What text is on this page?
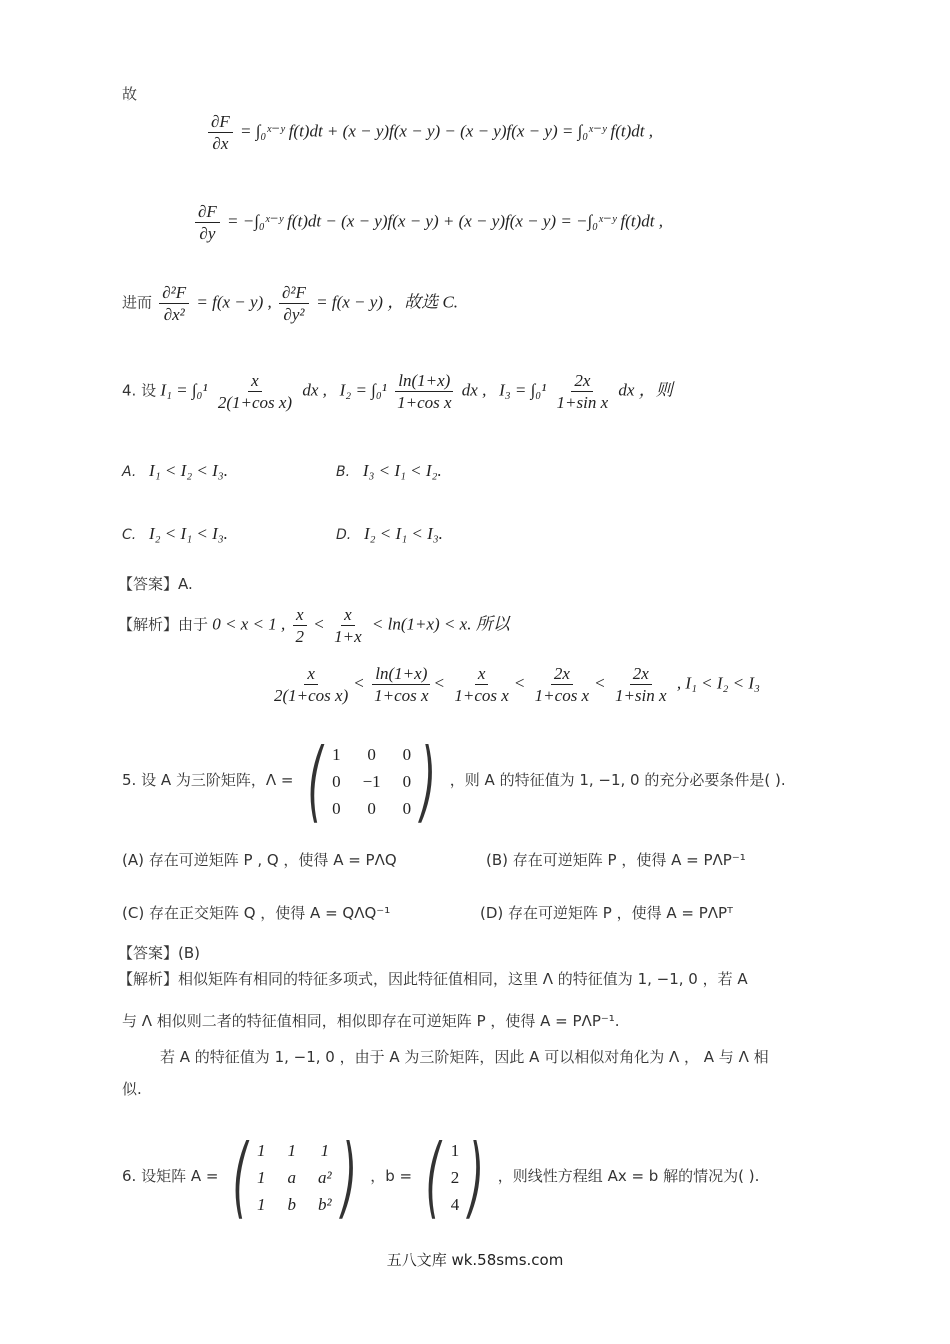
故
$\frac{\partial F}{\partial x}$ = ∫₀ˣ⁻ʸ f(t)dt + (x − y)f(x − y) − (x − y)f(x − y) = ∫₀ˣ⁻ʸ f(t)dt ,
$\frac{\partial F}{\partial y}$ = −∫₀ˣ⁻ʸ f(t)dt − (x − y)f(x − y) + (x − y)f(x − y) = −∫₀ˣ⁻ʸ f(t)dt ,
进而 $\frac{\text{∂²F}}{\text{∂x²}} = f(x - y)$ , $\frac{\text{∂²F}}{\text{∂y²}} = f(x - y)$ ，故选 C.
4. 设 $I_1 = \int_0^1 \frac{x}{\text{2(1+cos x)}}$ dx , $I_2 = \int_0^1 \frac{\ln(1+x)}{\text{1+cos x}}$ dx , $I_3 = \int_0^1 \frac{2x}{\text{1+sin x}}$ dx ，则
A. I₁ < I₂ < I₃.	B. I₃ < I₁ < I₂.
C. I₂ < I₁ < I₃.	D. I₂ < I₁ < I₃.
【答案】A.
【解析】由于 0 < x < 1 , $\frac{x}{2} < \frac{x}{1+x} < \ln(1+x) < x$. 所以
$\frac{x}{\text{2(1+cos x)}} < \frac{\ln(1+x)}{\text{1+cos x}} < \frac{x}{\text{1+cos x}} < \frac{2x}{\text{1+cos x}} < \frac{2x}{\text{1+sin x}}$ , I₁ < I₂ < I₃
5. 设 A 为三阶矩阵，Λ = ( 1 0 0
0 −1 0
0 0 0 ) ，则 A 的特征值为 1, −1, 0 的充分必要条件是( ).
(A) 存在可逆矩阵 P , Q ，使得 A = PΛQ	(B) 存在可逆矩阵 P ，使得 A = PΛP⁻¹
(C) 存在正交矩阵 Q ，使得 A = QΛQ⁻¹	(D) 存在可逆矩阵 P ，使得 A = PΛPᵀ
【答案】(B)
【解析】相似矩阵有相同的特征多项式，因此特征值相同，这里 Λ 的特征值为 1, −1, 0 ，若 A
与 Λ 相似则二者的特征值相同，相似即存在可逆矩阵 P ，使得 A = PΛP⁻¹.
若 A 的特征值为 1, −1, 0 ，由于 A 为三阶矩阵，因此 A 可以相似对角化为 Λ ， A 与 Λ 相
似.
6. 设矩阵 A = ( 1 1 1
1 a a²
1 b b² ) ，b = ( 1
2
4 ) ，则线性方程组 Ax = b 解的情况为( ).
五八文库 wk.58sms.com
